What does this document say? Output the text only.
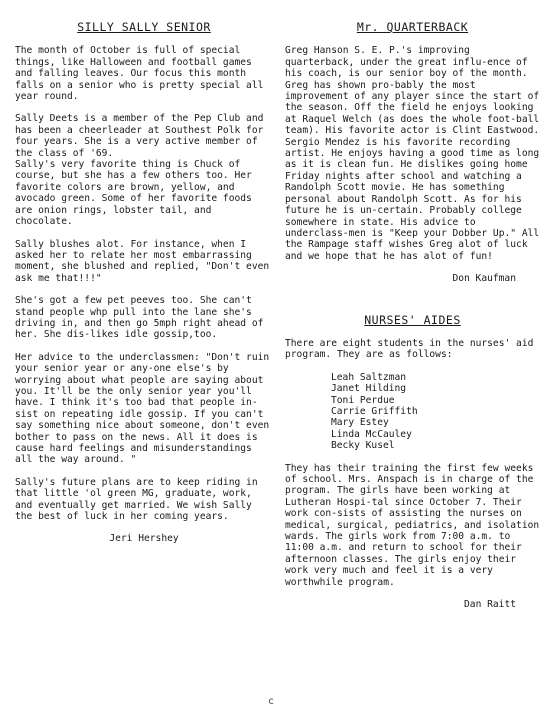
SILLY SALLY SENIOR

The month of October is full of special things, like Halloween and football games and falling leaves. Our focus this month falls on a senior who is pretty special all year round.

Sally Deets is a member of the Pep Club and has been a cheerleader at Southest Polk for four years. She is a very active member of the class of '69.
Sally's very favorite thing is Chuck of course, but she has a few others too. Her favorite colors are brown, yellow, and avocado green. Some of her favorite foods are onion rings, lobster tail, and chocolate.

Sally blushes alot. For instance, when I asked her to relate her most embarrassing moment, she blushed and replied, "Don't even ask me that!!!"

She's got a few pet peeves too. She can't stand people whp pull into the lane she's driving in, and then go 5mph right ahead of her. She dis-likes idle gossip,too.

Her advice to the underclassmen: "Don't ruin your senior year or any-one else's by worrying about what people are saying about you. It'll be the only senior year you'll have. I think it's too bad that people in-sist on repeating idle gossip. If you can't say something nice about someone, don't even bother to pass on the news. All it does is cause hard feelings and misunderstandings all the way around. "

Sally's future plans are to keep riding in that little 'ol green MG, graduate, work, and eventually get married. We wish Sally the best of luck in her coming years.

Jeri Hershey
Mr. QUARTERBACK

Greg Hanson S. E. P.'s improving quarterback, under the great influ-ence of his coach, is our senior boy of the month. Greg has shown pro-bably the most improvement of any player since the start of the season. Off the field he enjoys looking at Raquel Welch (as does the whole foot-ball team). His favorite actor is Clint Eastwood. Sergio Mendez is his favorite recording artist. He enjoys having a good time as long as it is clean fun. He dislikes going home Friday nights after school and watching a Randolph Scott movie. He has something personal about Randolph Scott. As for his future he is un-certain. Probably college somewhere in state. His advice to underclass-men is "Keep your Dobber Up." All the Rampage staff wishes Greg alot of luck and we hope that he has alot of fun!

Don Kaufman
NURSES' AIDES

There are eight students in the nurses' aid program. They are as follows:

Leah Saltzman
Janet Hilding
Toni Perdue
Carrie Griffith
Mary Estey
Linda McCauley
Becky Kusel

They has their training the first few weeks of school. Mrs. Anspach is in charge of the program. The girls have been working at Lutheran Hospi-tal since October 7. Their work con-sists of assisting the nurses on medical, surgical, pediatrics, and isolation wards. The girls work from 7:00 a.m. to 11:00 a.m. and return to school for their afternoon classes. The girls enjoy their work very much and feel it is a very worthwhile program.

Dan Raitt
c
